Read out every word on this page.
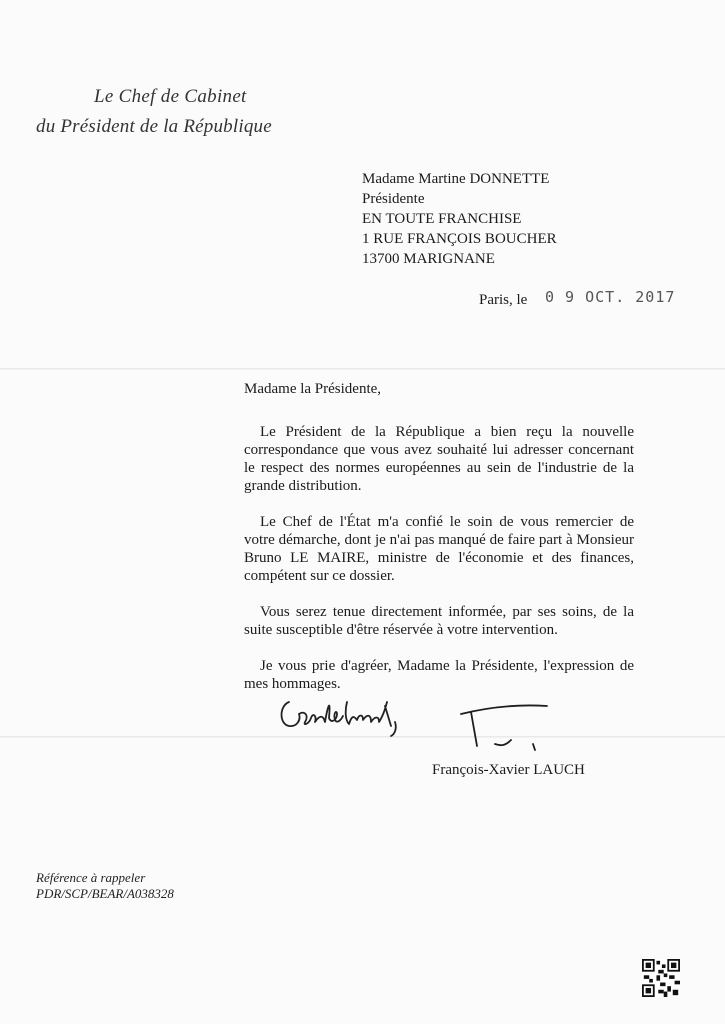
Le Chef de Cabinet
du Président de la République
Madame Martine DONNETTE
Présidente
EN TOUTE FRANCHISE
1 RUE FRANÇOIS BOUCHER
13700 MARIGNANE
Paris, le 0 9 OCT. 2017

Madame la Présidente,

Le Président de la République a bien reçu la nouvelle correspondance que vous avez souhaité lui adresser concernant le respect des normes européennes au sein de l'industrie de la grande distribution.

Le Chef de l'État m'a confié le soin de vous remercier de votre démarche, dont je n'ai pas manqué de faire part à Monsieur Bruno LE MAIRE, ministre de l'économie et des finances, compétent sur ce dossier.

Vous serez tenue directement informée, par ses soins, de la suite susceptible d'être réservée à votre intervention.

Je vous prie d'agréer, Madame la Présidente, l'expression de mes hommages.

François-Xavier LAUCH
Référence à rappeler
PDR/SCP/BEAR/A038328
